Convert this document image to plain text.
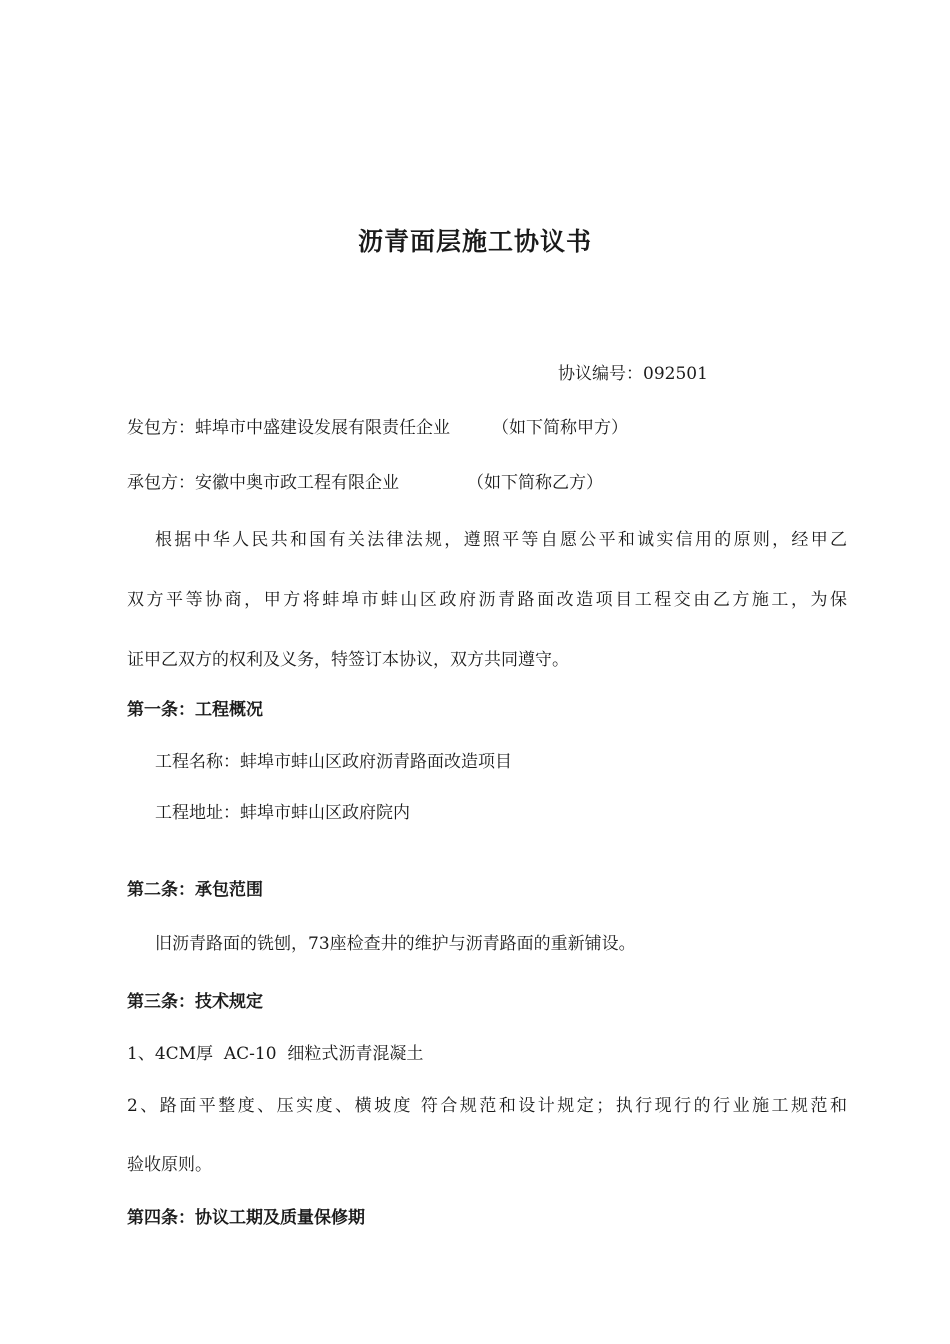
沥青面层施工协议书
协议编号：092501
发包方：蚌埠市中盛建设发展有限责任企业 （如下简称甲方）
承包方：安徽中奥市政工程有限企业	（如下简称乙方）
根据中华人民共和国有关法律法规，遵照平等自愿公平和诚实信用的原则，经甲乙
双方平等协商，甲方将蚌埠市蚌山区政府沥青路面改造项目工程交由乙方施工，为保
证甲乙双方的权利及义务，特签订本协议，双方共同遵守。
第一条：工程概况
工程名称：蚌埠市蚌山区政府沥青路面改造项目
工程地址：蚌埠市蚌山区政府院内
第二条：承包范围
旧沥青路面的铣刨，73座检查井的维护与沥青路面的重新铺设。
第三条：技术规定
1、4CM厚  AC-10  细粒式沥青混凝土
2、路面平整度、压实度、横坡度 符合规范和设计规定；执行现行的行业施工规范和
验收原则。
第四条：协议工期及质量保修期
